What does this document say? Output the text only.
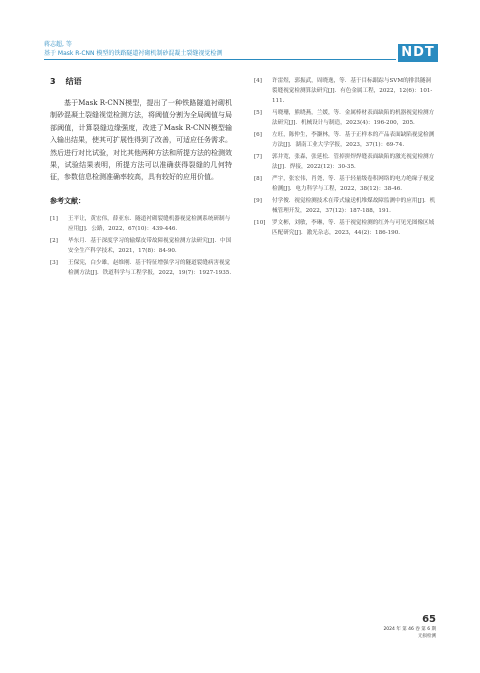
蒋志超, 等
基于 Mask R-CNN 模型的铁路隧道衬砌机制砂混凝土裂缝视觉检测	NDT
3 结语

基于Mask R-CNN模型，提出了一种铁路隧道衬砌机制砂混凝土裂缝视觉检测方法，将阈值分割为全局阈值与局部阈值，计算裂缝边缘强度，改进了Mask R-CNN模型输入输出结果，使其可扩展性得到了改善，可适应任务需求。然后进行对比试验，对比其他两种方法和所提方法的检测效果，试验结果表明，所提方法可以准确获得裂缝的几何特征，参数信息检测准确率较高，具有较好的应用价值。

参考文献：
[1] 王平让，黄宏伟，薛亚东．隧道衬砌裂缝机器视觉检测系统研制与应用[J]．公路，2022，67(10)：439-446.
[2] 毕东月．基于深度学习的输煤皮带故障视觉检测方法研究[J]．中国安全生产科学技术，2021，17(8)：84-90.
[3] 王保宪，白少雄，赵维刚．基于特征增强学习的隧道裂缝病害视觉检测方法[J]．铁道科学与工程学报，2022，19(7)：1927-1935.
[4] 许雷煜，郭振武，周晓逸，等．基于目标跟踪与SVM的排洪隧洞裂缝视觉检测算法研究[J]．有色金属工程，2022，12(6)：101-111.
[5] 马晓珊，熊晓燕，兰媛，等．金属棒材表面缺陷的机器视觉检测方法研究[J]．机械设计与制造，2023(4)：196-200，205.
[6] 左旺，陈仲生，李灏林，等．基于正样本的产品表面缺陷视觉检测方法[J]．湖南工业大学学报，2023，37(1)：69-74.
[7] 郭井宽，张森，张延松．管掉拼焊焊缝表面缺陷的激光视觉检测方法[J]．焊接，2022(12)：30-35.
[8] 严宇，张宏伟，肖尧，等．基于轻量级卷积网络的电力绝缘子视觉检测[J]．电力科学与工程，2022，38(12)：38-46.
[9] 付学俊．视觉检测技术在带式输送机堆煤故障监测中的应用[J]．机械管理开发，2022，37(12)：187-188，191.
[10] 罗文彬，刘敏，李琳，等．基于视觉检测的红外与可见光图像区域匹配研究[J]．激光杂志，2023，44(2)：186-190.
65
2024 年 第 46 卷 第 6 期
无损检测
